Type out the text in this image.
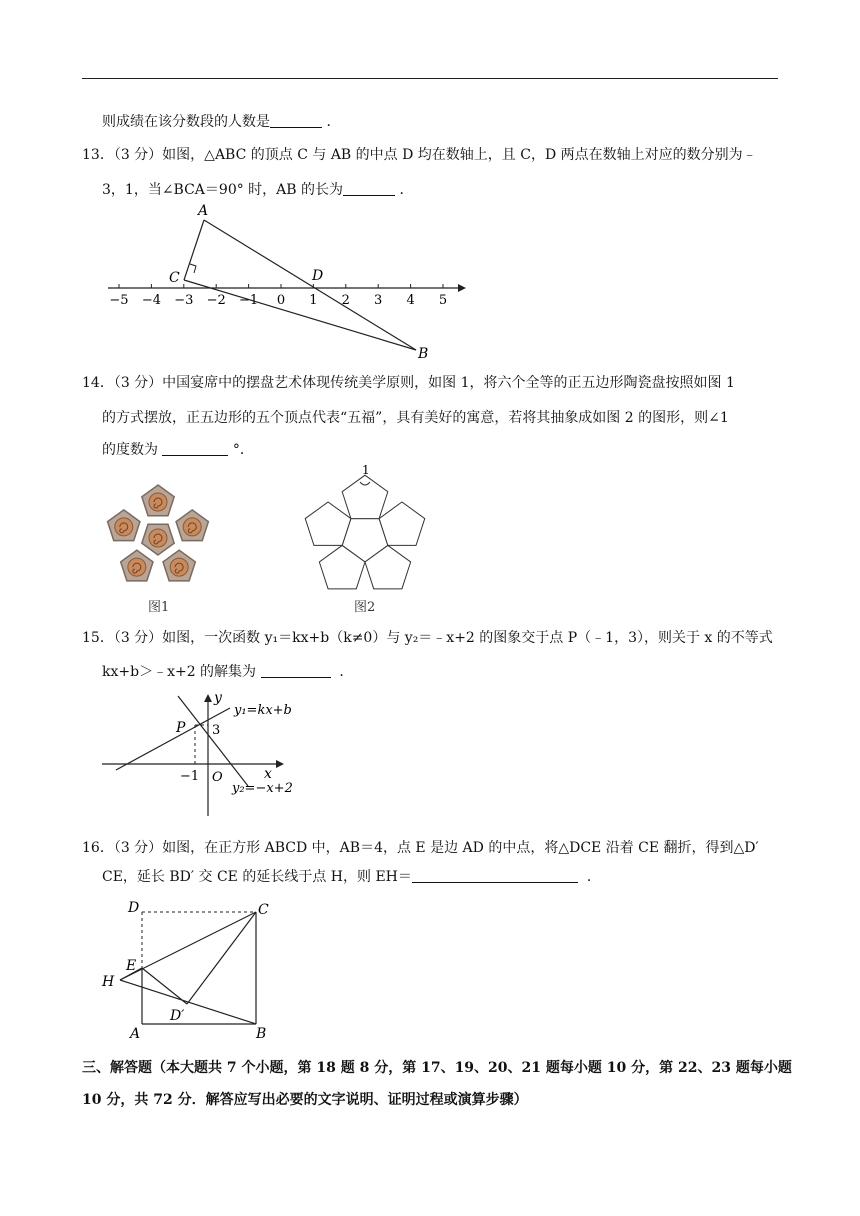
则成绩在该分数段的人数是	．
13．（3 分）如图，△ABC 的顶点 C 与 AB 的中点 D 均在数轴上，且 C，D 两点在数轴上对应的数分别为﹣
3，1，当∠BCA＝90° 时，AB 的长为	．
−5 −4 −3 −2 −1 0 1 2 3 4 5
A
B
C	D
14．（3 分）中国宴席中的摆盘艺术体现传统美学原则，如图 1，将六个全等的正五边形陶瓷盘按照如图 1
的方式摆放，正五边形的五个顶点代表“五福”，具有美好的寓意，若将其抽象成如图 2 的图形，则∠1
的度数为	°．
图1
1
图2
15．（3 分）如图，一次函数 y₁＝kx+b（k≠0）与 y₂＝﹣x+2 的图象交于点 P（﹣1，3），则关于 x 的不等式
kx+b＞﹣x+2 的解集为	．
y
x
P 3
−1 O
y₁=kx+b
y₂=−x+2
16．（3 分）如图，在正方形 ABCD 中，AB＝4，点 E 是边 AD 的中点，将△DCE 沿着 CE 翻折，得到△D′
CE，延长 BD′ 交 CE 的延长线于点 H，则 EH＝	．
D	C
E
H
D′
A	B
三、解答题（本大题共 7 个小题，第 18 题 8 分，第 17、19、20、21 题每小题 10 分，第 22、23 题每小题
10 分，共 72 分．解答应写出必要的文字说明、证明过程或演算步骤）
